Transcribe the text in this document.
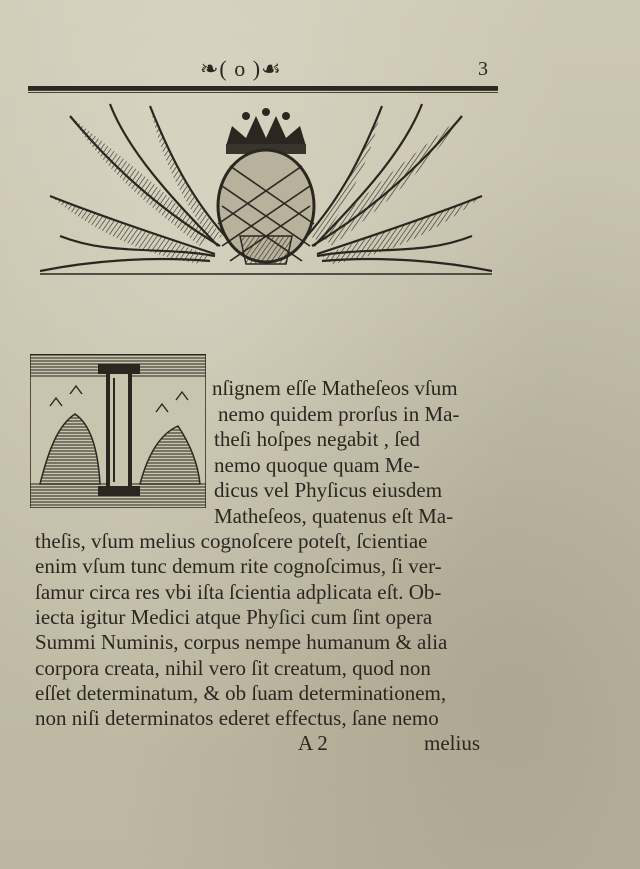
❧( o )☙	3
nſignem eſſe Matheſeos vſum
nemo quidem prorſus in Ma-
theſi hoſpes negabit , ſed
nemo quoque quam Me-
dicus vel Phyſicus eiusdem
Matheſeos, quatenus eſt Ma-
theſis, vſum melius cognoſcere poteſt, ſcientiae
enim vſum tunc demum rite cognoſcimus, ſi ver-
ſamur circa res vbi iſta ſcientia adplicata eſt. Ob-
iecta igitur Medici atque Phyſici cum ſint opera
Summi Numinis, corpus nempe humanum & alia
corpora creata, nihil vero ſit creatum, quod non
eſſet determinatum, & ob ſuam determinationem,
non niſi determinatos ederet effectus, ſane nemo
A 2	melius
